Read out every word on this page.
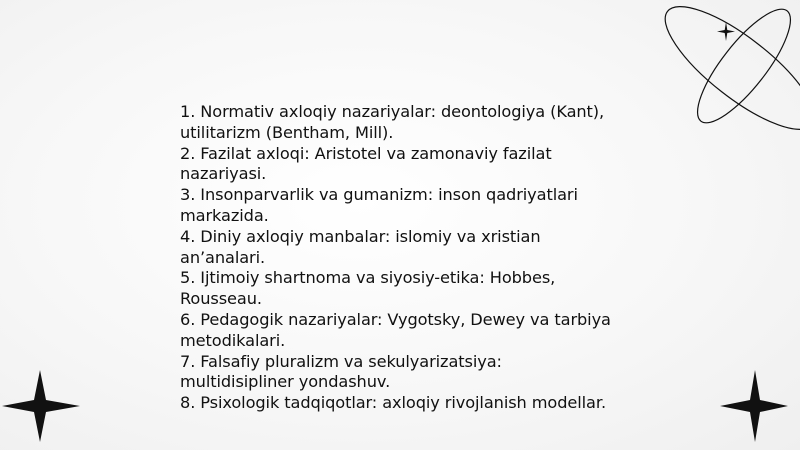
1. Normativ axloqiy nazariyalar: deontologiya (Kant), utilitarizm (Bentham, Mill).
2. Fazilat axloqi: Aristotel va zamonaviy fazilat nazariyasi.
3. Insonparvarlik va gumanizm: inson qadriyatlari markazida.
4. Diniy axloqiy manbalar: islomiy va xristian an’analari.
5. Ijtimoiy shartnoma va siyosiy-etika: Hobbes, Rousseau.
6. Pedagogik nazariyalar: Vygotsky, Dewey va tarbiya metodikalari.
7. Falsafiy pluralizm va sekulyarizatsiya: multidisipliner yondashuv.
8. Psixologik tadqiqotlar: axloqiy rivojlanish modellar.
